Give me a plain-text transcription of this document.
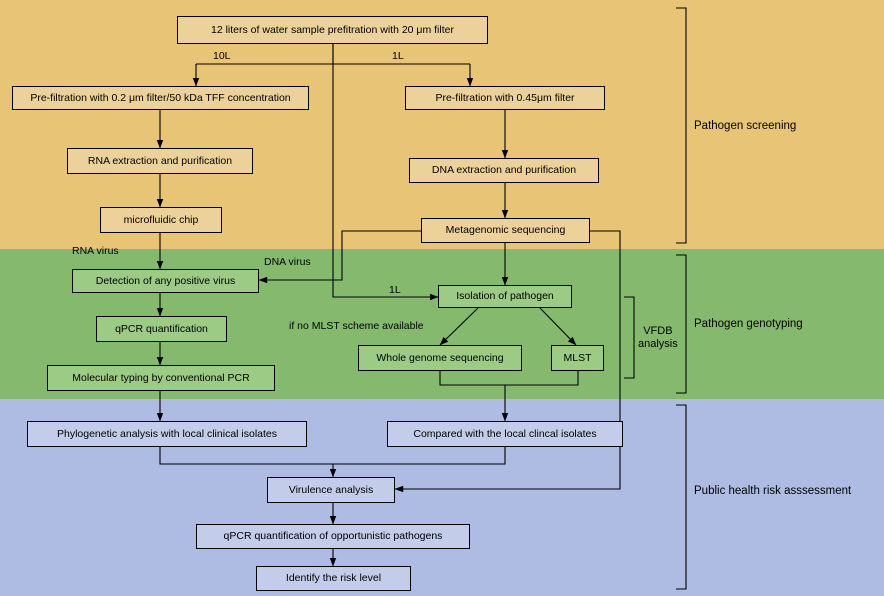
12 liters of water sample prefitration with 20 μm filter
Pre-filtration with 0.2 μm filter/50 kDa TFF concentration	Pre-filtration with 0.45μm filter
RNA extraction and purification
DNA extraction and purification
microfluidic chip
Metagenomic sequencing
Detection of any positive virus
Isolation of pathogen
qPCR quantification
Whole genome sequencing	MLST
Molecular typing by conventional PCR
Phylogenetic analysis with local clinical isolates	Compared with the local clincal isolates
Virulence analysis
qPCR quantification of opportunistic pathogens
Identify the risk level
10L	1L
RNA virus
DNA virus
1L
if no MLST scheme available	VFDB
analysis
Pathogen screening
Pathogen genotyping
Public health risk asssessment
